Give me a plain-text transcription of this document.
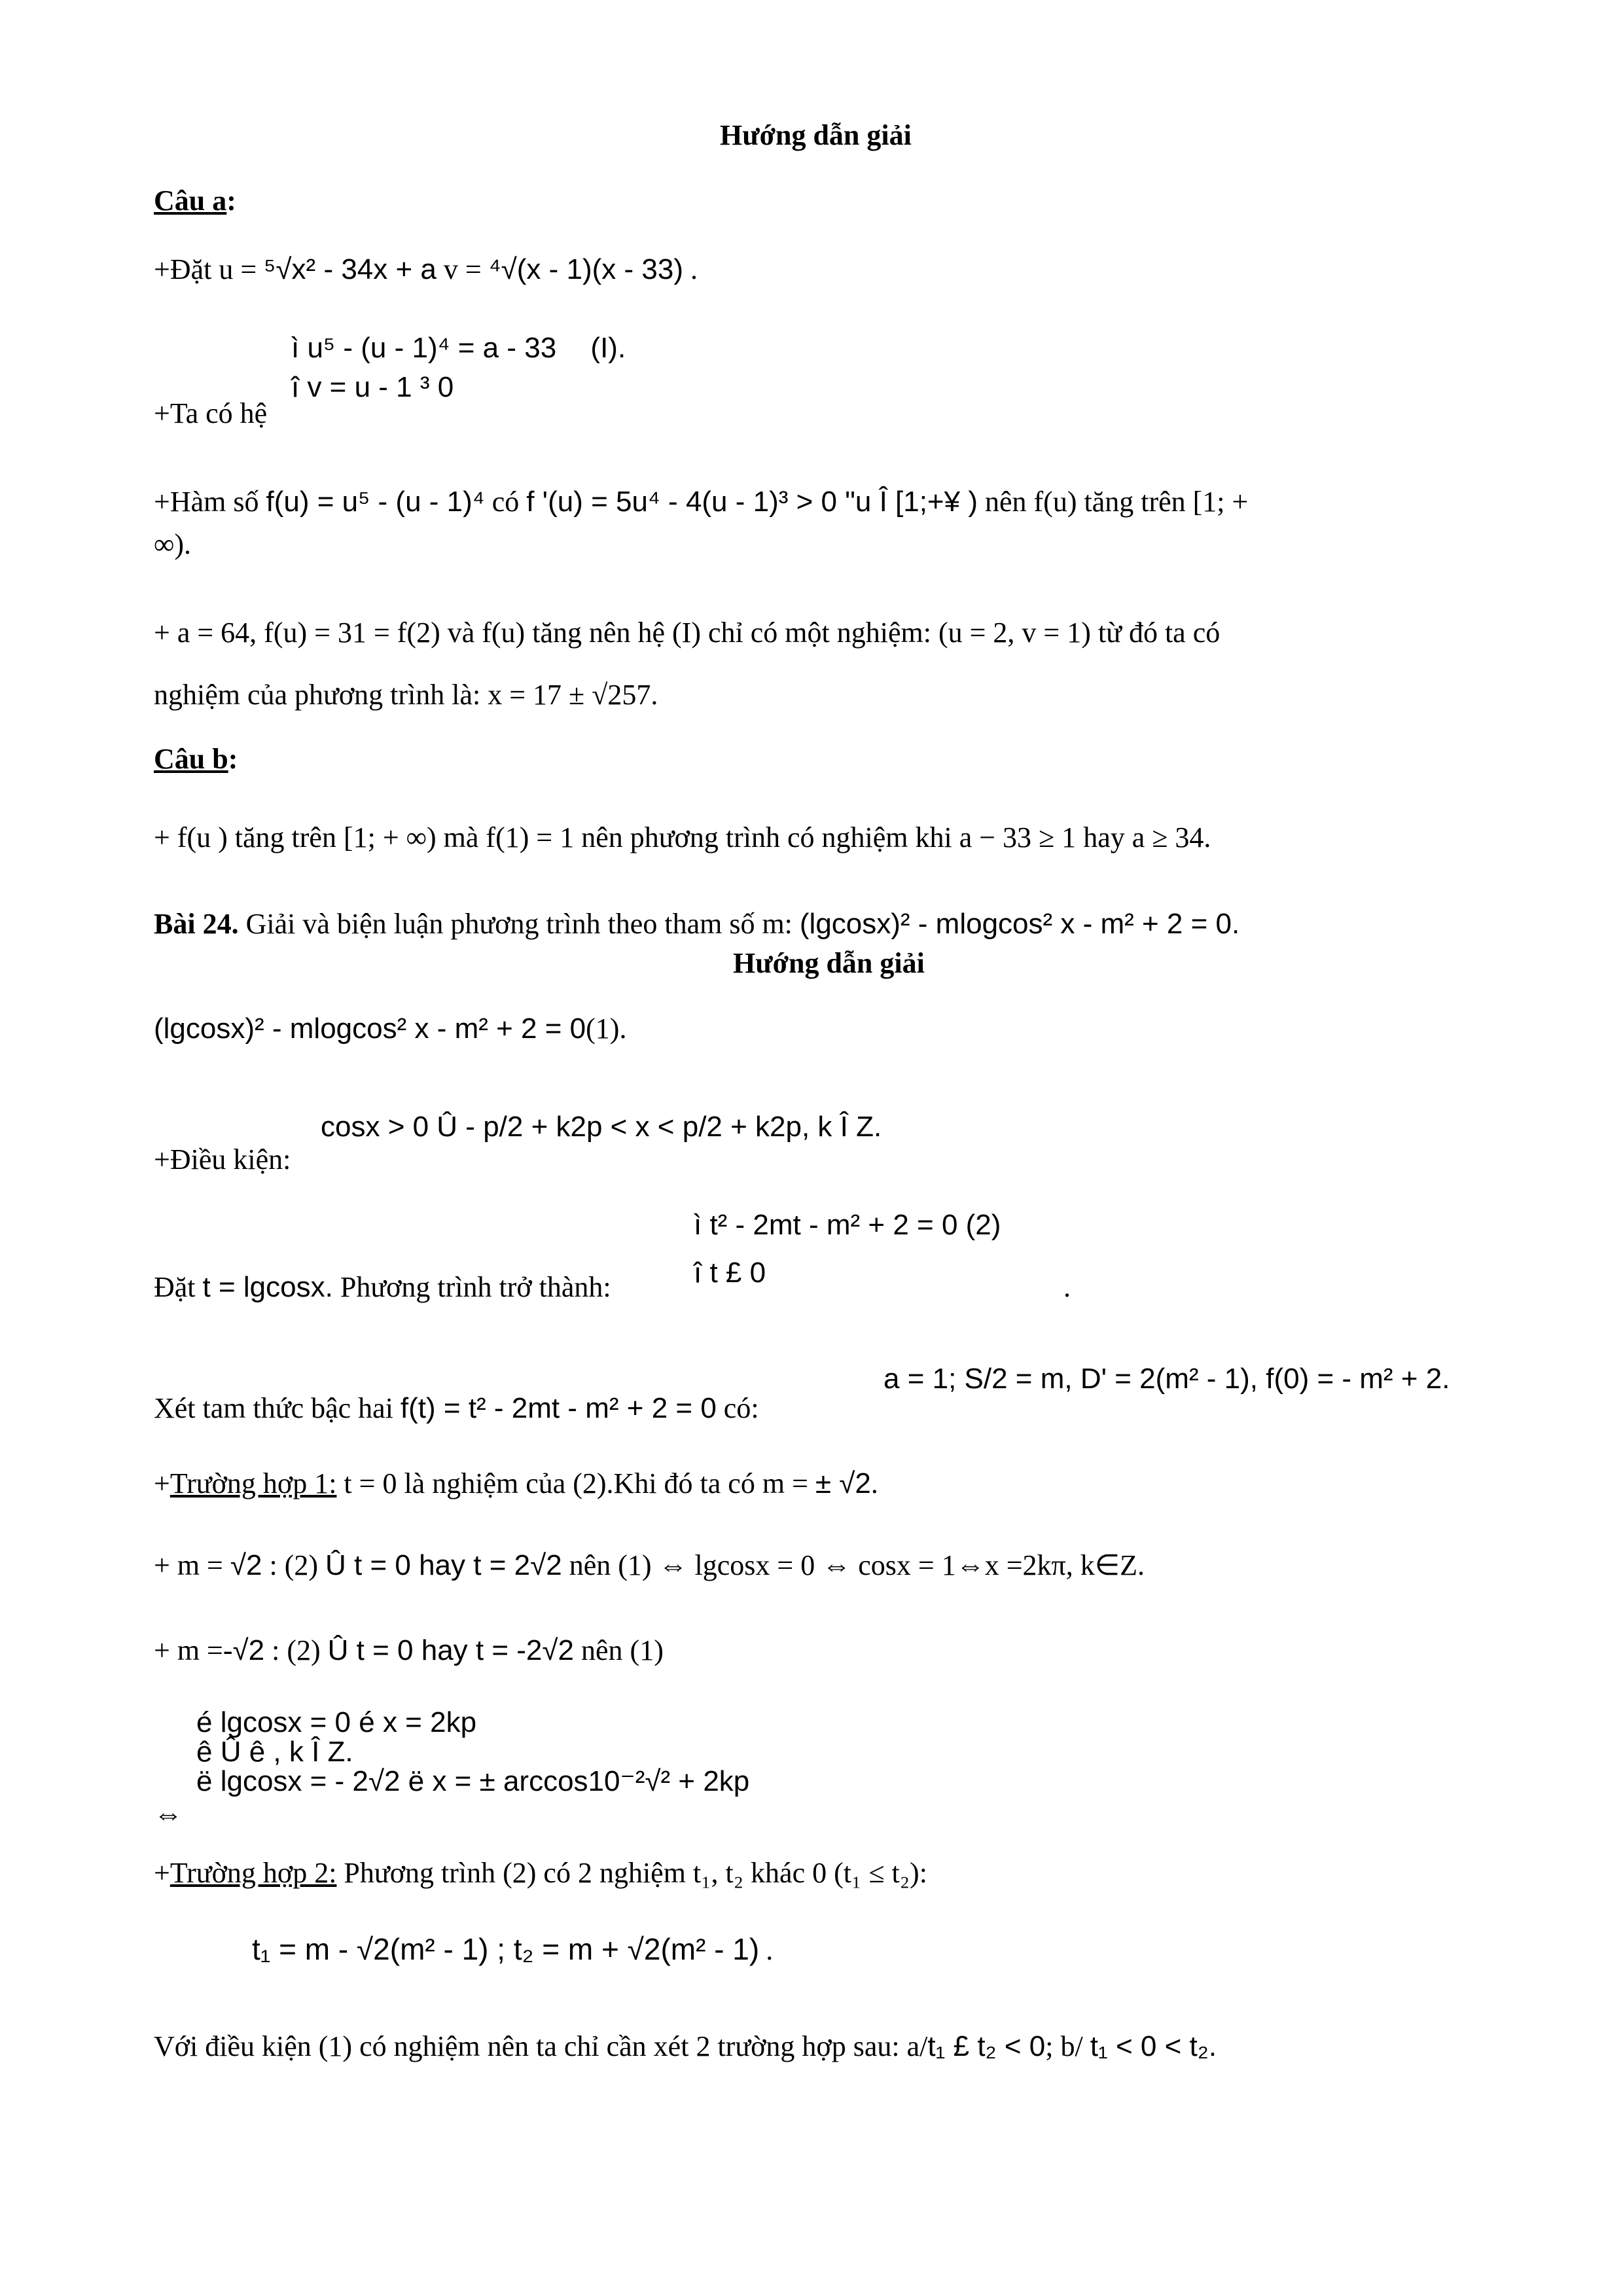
Hướng dẫn giải
Câu a:
+Đặt u = ⁵√x² - 34x + a v = ⁴√(x - 1)(x - 33) .
ì u⁵ - (u - 1)⁴ = a - 33 (I).
+Ta có hệ
î v = u - 1 ³ 0
+Hàm số f(u) = u⁵ - (u - 1)⁴ có f '(u) = 5u⁴ - 4(u - 1)³ > 0 "u Î [1;+¥ ) nên f(u) tăng trên [1; +
∞).
+ a = 64, f(u) = 31 = f(2) và f(u) tăng nên hệ (I) chỉ có một nghiệm: (u = 2, v = 1) từ đó ta có
nghiệm của phương trình là: x = 17 ± √257.
Câu b:
+ f(u ) tăng trên [1; + ∞) mà f(1) = 1 nên phương trình có nghiệm khi a − 33 ≥ 1 hay a ≥ 34.
Bài 24. Giải và biện luận phương trình theo tham số m: (lgcosx)² - mlogcos² x - m² + 2 = 0.
Hướng dẫn giải
(lgcosx)² - mlogcos² x - m² + 2 = 0(1).
cosx > 0 Û - p/2 + k2p < x < p/2 + k2p, k Î Z.
+Điều kiện:
ì t² - 2mt - m² + 2 = 0 (2)
Đặt t = lgcosx. Phương trình trở thành:	î t £ 0	.
a = 1; S/2 = m, D' = 2(m² - 1), f(0) = - m² + 2.
Xét tam thức bậc hai f(t) = t² - 2mt - m² + 2 = 0 có:
+Trường hợp 1: t = 0 là nghiệm của (2).Khi đó ta có m = ± √2.
+ m = √2 : (2) Û t = 0 hay t = 2√2 nên (1) ⇔ lgcosx = 0 ⇔ cosx = 1⇔x =2kπ, k∈Z.
+ m =-√2 : (2) Û t = 0 hay t = -2√2 nên (1)
é lgcosx = 0 é x = 2kp
ê Û ê , k Î Z.
ë lgcosx = - 2√2 ë x = ± arccos10⁻²√² + 2kp
⇔
+Trường hợp 2: Phương trình (2) có 2 nghiệm t₁, t₂ khác 0 (t₁ ≤ t₂):
t₁ = m - √2(m² - 1) ; t₂ = m + √2(m² - 1) .
Với điều kiện (1) có nghiệm nên ta chỉ cần xét 2 trường hợp sau: a/t₁ £ t₂ < 0; b/ t₁ < 0 < t₂.
